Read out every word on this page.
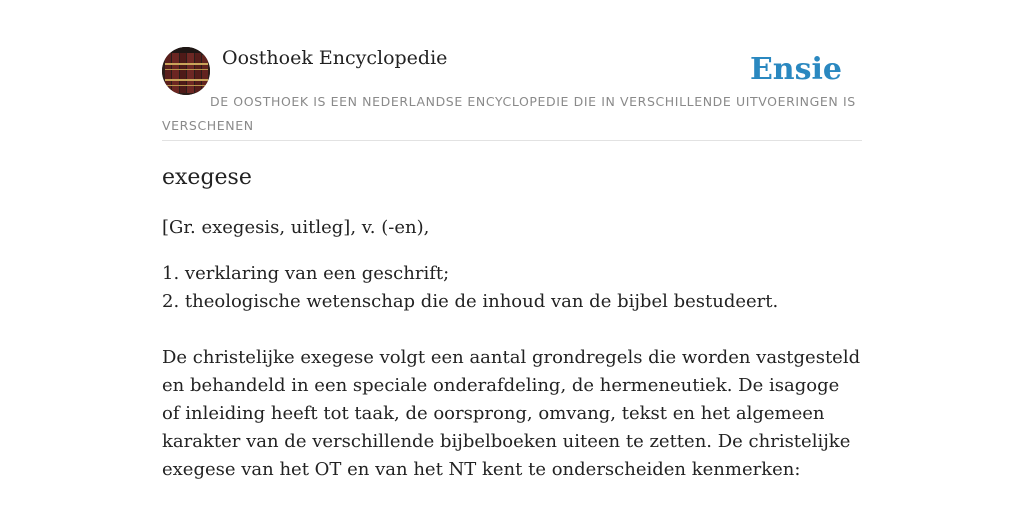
Oosthoek Encyclopedie	Ensie
DE OOSTHOEK IS EEN NEDERLANDSE ENCYCLOPEDIE DIE IN VERSCHILLENDE UITVOERINGEN IS VERSCHENEN
exegese

[Gr. exegesis, uitleg], v. (-en),

1. verklaring van een geschrift;
2. theologische wetenschap die de inhoud van de bijbel bestudeert.

De christelijke exegese volgt een aantal grondregels die worden vastgesteld en behandeld in een speciale onderafdeling, de hermeneutiek. De isagoge of inleiding heeft tot taak, de oorsprong, omvang, tekst en het algemeen karakter van de verschillende bijbelboeken uiteen te zetten. De christelijke exegese van het OT en van het NT kent te onderscheiden kenmerken:
